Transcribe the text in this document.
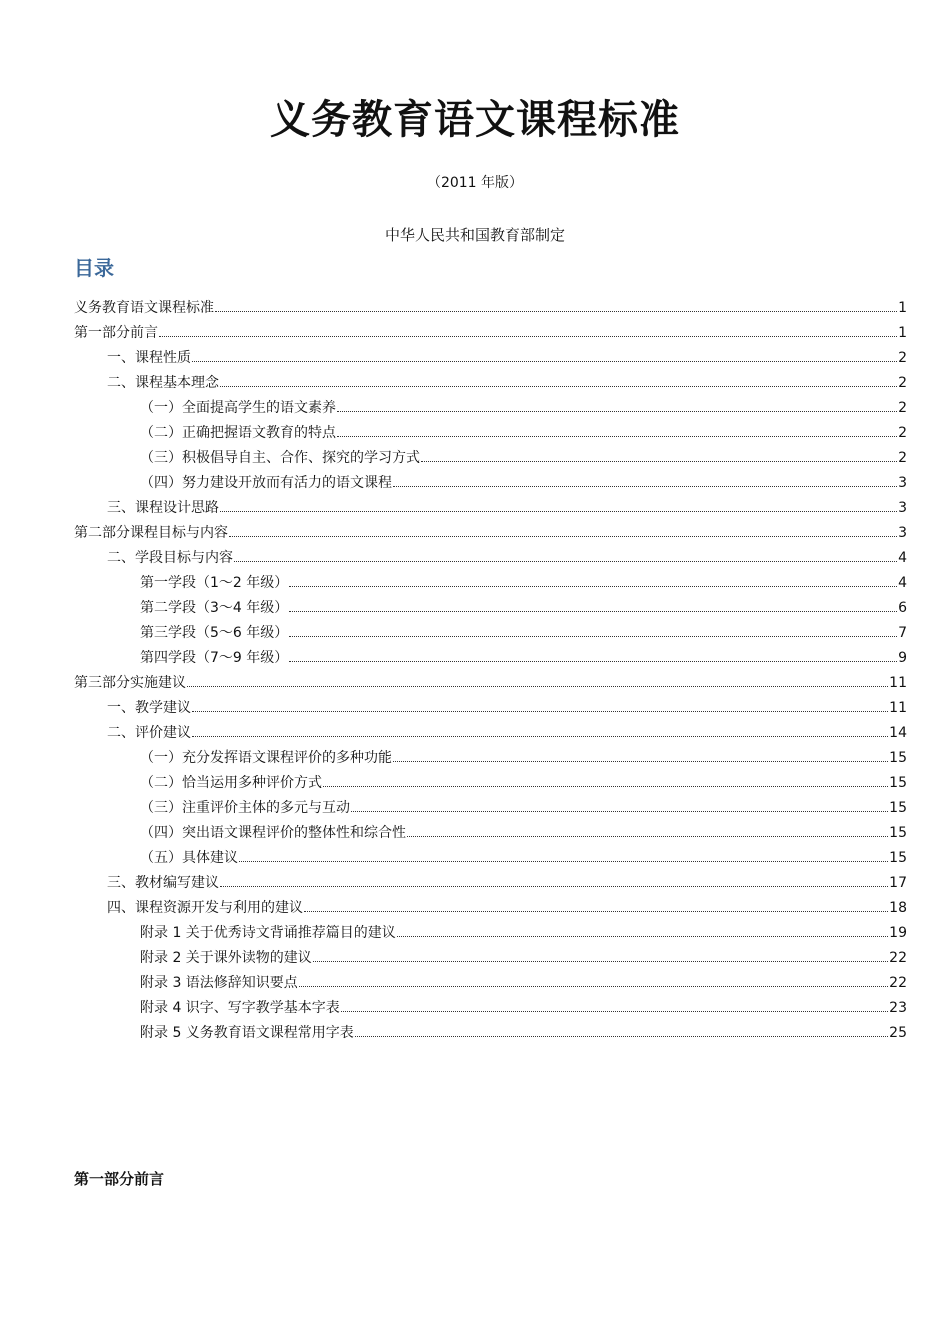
义务教育语文课程标准
（2011 年版）
中华人民共和国教育部制定
目录
义务教育语文课程标准	1
第一部分前言	1
一、课程性质	2
二、课程基本理念	2
（一）全面提高学生的语文素养	2
（二）正确把握语文教育的特点	2
（三）积极倡导自主、合作、探究的学习方式	2
（四）努力建设开放而有活力的语文课程	3
三、课程设计思路	3
第二部分课程目标与内容	3
二、学段目标与内容	4
第一学段（1～2 年级）	4
第二学段（3～4 年级）	6
第三学段（5～6 年级）	7
第四学段（7～9 年级）	9
第三部分实施建议	11
一、教学建议	11
二、评价建议	14
（一）充分发挥语文课程评价的多种功能	15
（二）恰当运用多种评价方式	15
（三）注重评价主体的多元与互动	15
（四）突出语文课程评价的整体性和综合性	15
（五）具体建议	15
三、教材编写建议	17
四、课程资源开发与利用的建议	18
附录 1 关于优秀诗文背诵推荐篇目的建议	19
附录 2 关于课外读物的建议	22
附录 3 语法修辞知识要点	22
附录 4 识字、写字教学基本字表	23
附录 5 义务教育语文课程常用字表	25
第一部分前言
